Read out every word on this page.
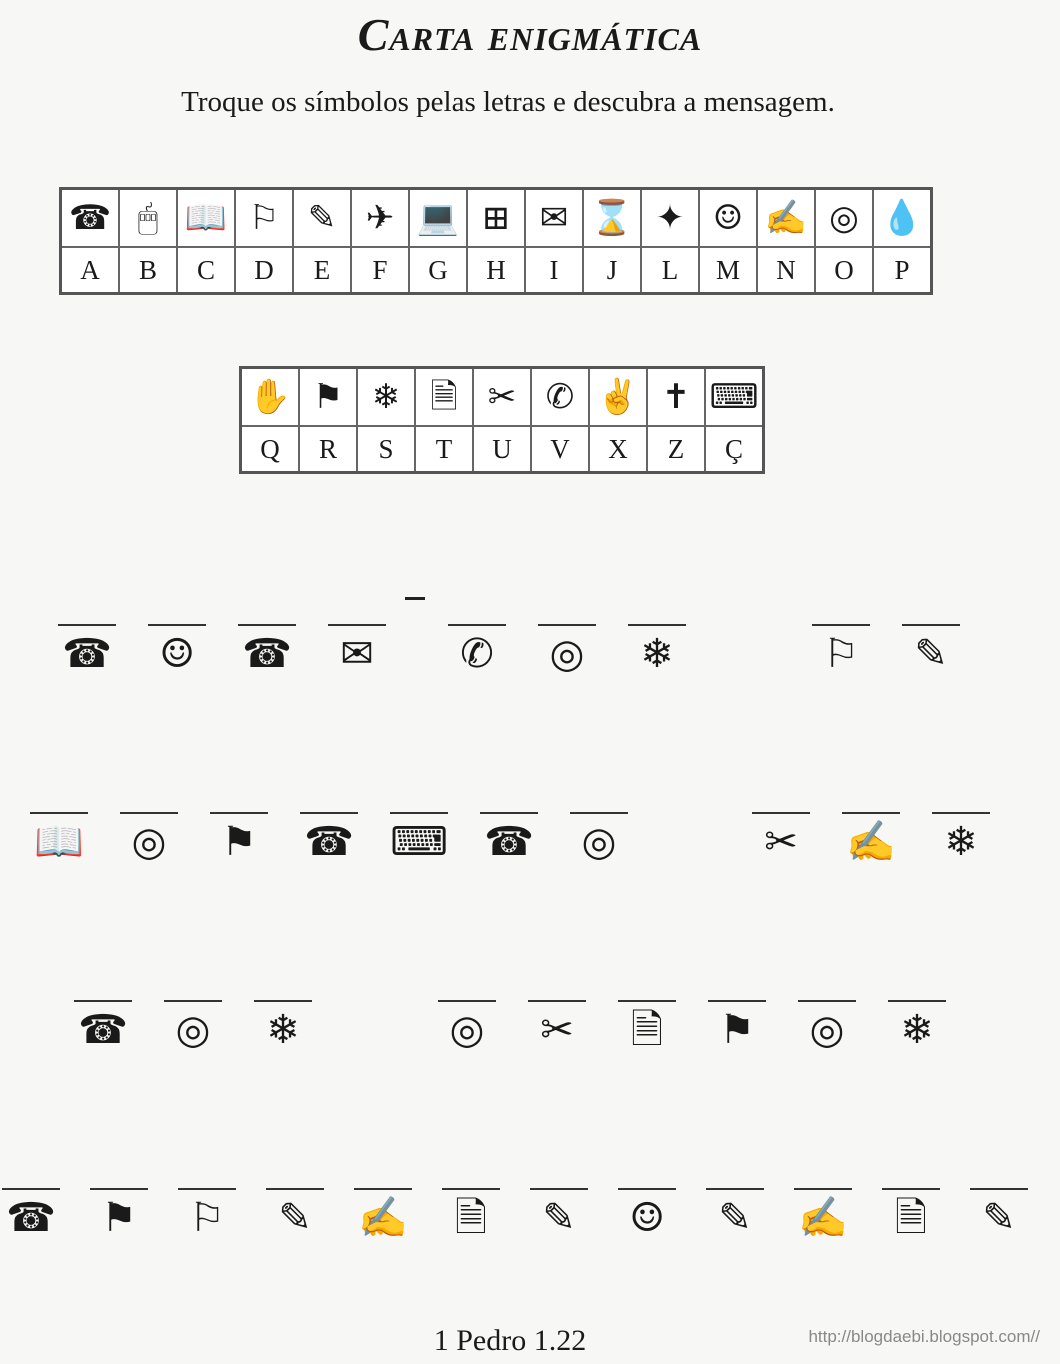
Carta enigmática
Troque os símbolos pelas letras e descubra a mensagem.
☎	🖱	📖	⚐	✎	✈	💻	⊞	✉	⌛	✦	☺	✍	◎	💧
A	B	C	D	E	F	G	H	I	J	L	M	N	O	P
✋	⚑	❄	🗎	✂	✆	✌	✝	⌨
Q	R	S	T	U	V	X	Z	Ç
☎ ☺ ☎	✉	✆	◎	❄	⚐	✎
📖 ◎ ⚑ ☎ ⌨ ☎ ◎	✂	✍	❄
☎ ◎	❄	◎	✂	🗎	⚑ ◎	❄
☎ ⚑ ⚐	✎	✍	🗎	✎	☺	✎	✍	🗎	✎
1 Pedro 1.22	http://blogdaebi.blogspot.com//
